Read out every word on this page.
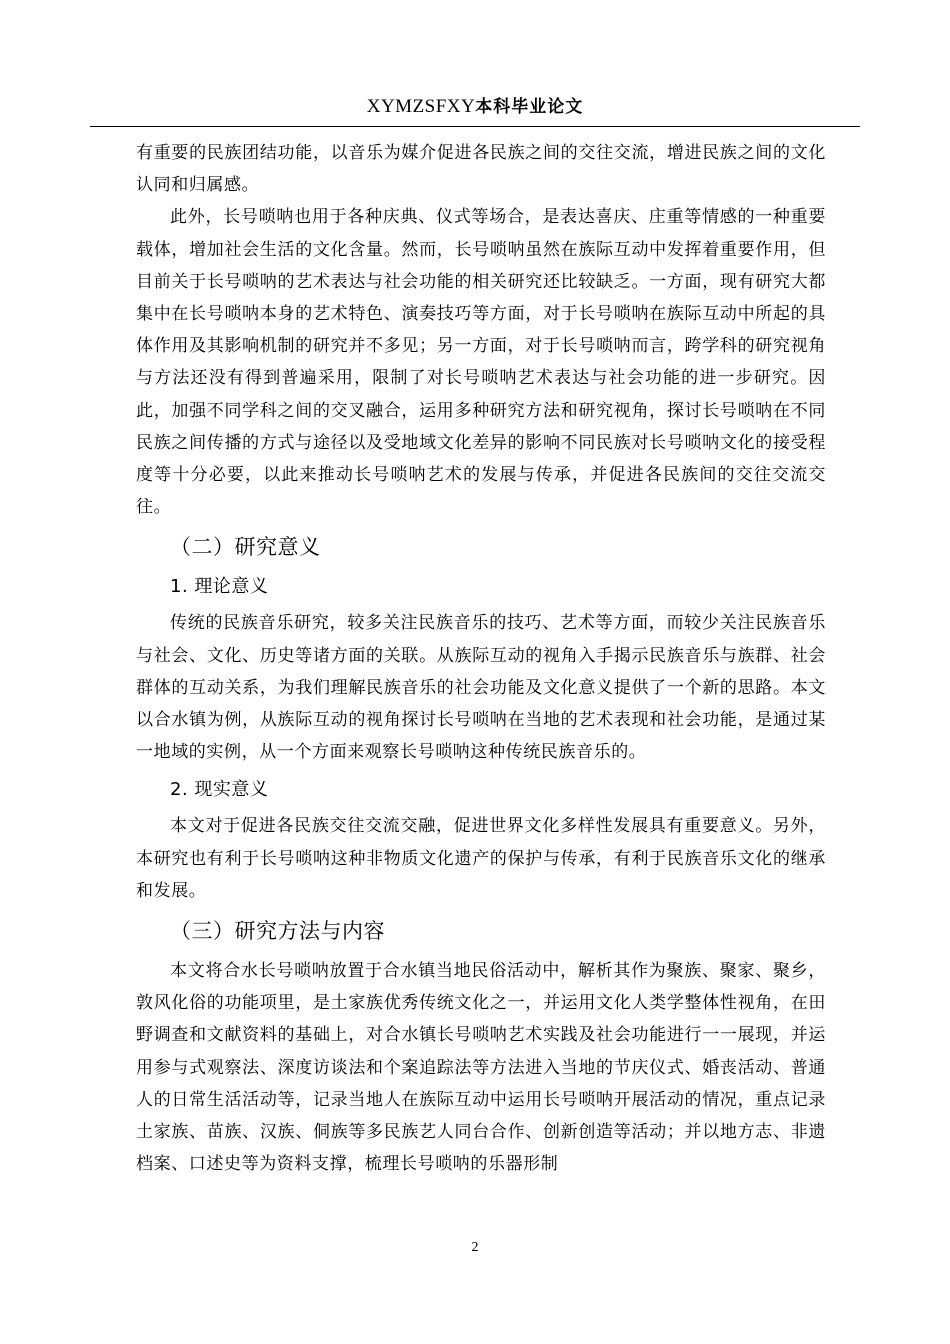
XYMZSFXY本科毕业论文

有重要的民族团结功能，以音乐为媒介促进各民族之间的交往交流，增进民族之间的文化认同和归属感。

此外，长号唢呐也用于各种庆典、仪式等场合，是表达喜庆、庄重等情感的一种重要载体，增加社会生活的文化含量。然而，长号唢呐虽然在族际互动中发挥着重要作用，但目前关于长号唢呐的艺术表达与社会功能的相关研究还比较缺乏。一方面，现有研究大都集中在长号唢呐本身的艺术特色、演奏技巧等方面，对于长号唢呐在族际互动中所起的具体作用及其影响机制的研究并不多见；另一方面，对于长号唢呐而言，跨学科的研究视角与方法还没有得到普遍采用，限制了对长号唢呐艺术表达与社会功能的进一步研究。因此，加强不同学科之间的交叉融合，运用多种研究方法和研究视角，探讨长号唢呐在不同民族之间传播的方式与途径以及受地域文化差异的影响不同民族对长号唢呐文化的接受程度等十分必要，以此来推动长号唢呐艺术的发展与传承，并促进各民族间的交往交流交往。

（二）研究意义
1. 理论意义

传统的民族音乐研究，较多关注民族音乐的技巧、艺术等方面，而较少关注民族音乐与社会、文化、历史等诸方面的关联。从族际互动的视角入手揭示民族音乐与族群、社会群体的互动关系，为我们理解民族音乐的社会功能及文化意义提供了一个新的思路。本文以合水镇为例，从族际互动的视角探讨长号唢呐在当地的艺术表现和社会功能，是通过某一地域的实例，从一个方面来观察长号唢呐这种传统民族音乐的。

2. 现实意义

本文对于促进各民族交往交流交融，促进世界文化多样性发展具有重要意义。另外，本研究也有利于长号唢呐这种非物质文化遗产的保护与传承，有利于民族音乐文化的继承和发展。

（三）研究方法与内容

本文将合水长号唢呐放置于合水镇当地民俗活动中，解析其作为聚族、聚家、聚乡，敦风化俗的功能项里，是土家族优秀传统文化之一，并运用文化人类学整体性视角，在田野调查和文献资料的基础上，对合水镇长号唢呐艺术实践及社会功能进行一一展现，并运用参与式观察法、深度访谈法和个案追踪法等方法进入当地的节庆仪式、婚丧活动、普通人的日常生活活动等，记录当地人在族际互动中运用长号唢呐开展活动的情况，重点记录土家族、苗族、汉族、侗族等多民族艺人同台合作、创新创造等活动；并以地方志、非遗档案、口述史等为资料支撑，梳理长号唢呐的乐器形制

2
